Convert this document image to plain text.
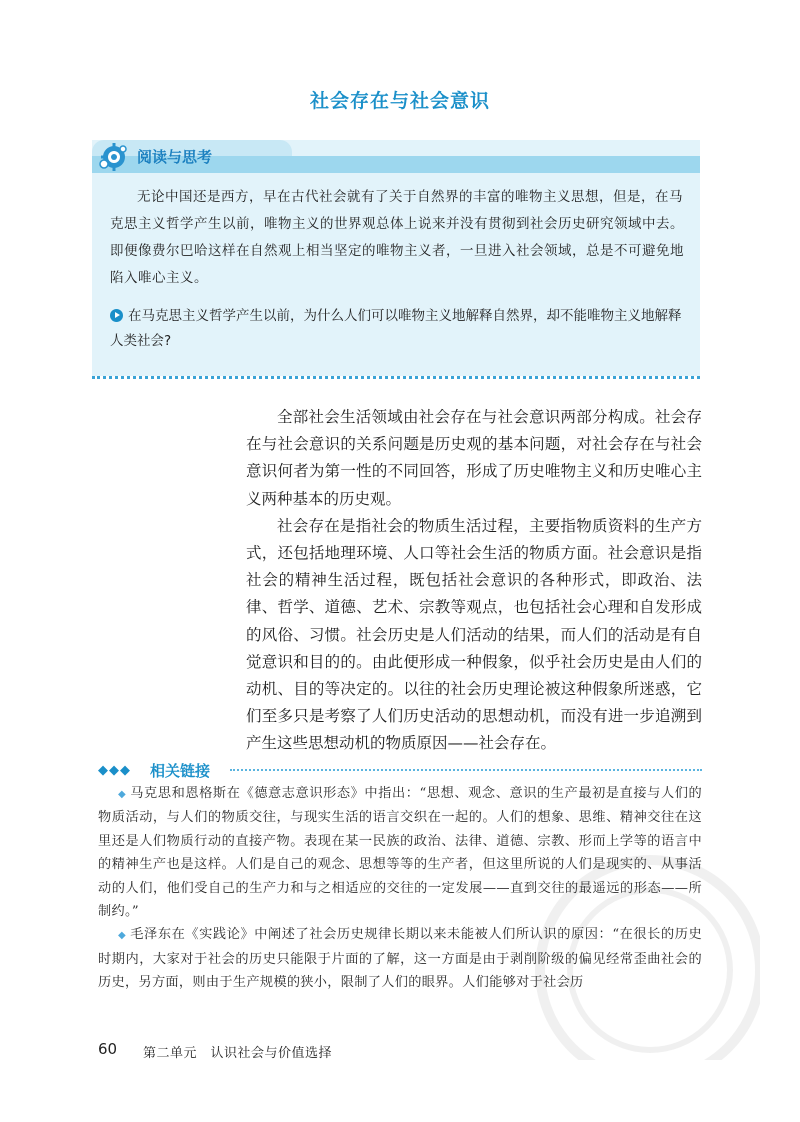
社会存在与社会意识
阅读与思考
无论中国还是西方，早在古代社会就有了关于自然界的丰富的唯物主义思想，但是，在马克思主义哲学产生以前，唯物主义的世界观总体上说来并没有贯彻到社会历史研究领域中去。即便像费尔巴哈这样在自然观上相当坚定的唯物主义者，一旦进入社会领域，总是不可避免地陷入唯心主义。
在马克思主义哲学产生以前，为什么人们可以唯物主义地解释自然界，却不能唯物主义地解释人类社会?

全部社会生活领域由社会存在与社会意识两部分构成。社会存在与社会意识的关系问题是历史观的基本问题，对社会存在与社会意识何者为第一性的不同回答，形成了历史唯物主义和历史唯心主义两种基本的历史观。

社会存在是指社会的物质生活过程，主要指物质资料的生产方式，还包括地理环境、人口等社会生活的物质方面。社会意识是指社会的精神生活过程，既包括社会意识的各种形式，即政治、法律、哲学、道德、艺术、宗教等观点，也包括社会心理和自发形成的风俗、习惯。社会历史是人们活动的结果，而人们的活动是有自觉意识和目的的。由此便形成一种假象，似乎社会历史是由人们的动机、目的等决定的。以往的社会历史理论被这种假象所迷惑，它们至多只是考察了人们历史活动的思想动机，而没有进一步追溯到产生这些思想动机的物质原因——社会存在。

◆◆◆ 相关链接

◆ 马克思和恩格斯在《德意志意识形态》中指出：“思想、观念、意识的生产最初是直接与人们的物质活动，与人们的物质交往，与现实生活的语言交织在一起的。人们的想象、思维、精神交往在这里还是人们物质行动的直接产物。表现在某一民族的政治、法律、道德、宗教、形而上学等的语言中的精神生产也是这样。人们是自己的观念、思想等等的生产者，但这里所说的人们是现实的、从事活动的人们，他们受自己的生产力和与之相适应的交往的一定发展——直到交往的最遥远的形态——所制约。”

◆ 毛泽东在《实践论》中阐述了社会历史规律长期以来未能被人们所认识的原因：“在很长的历史时期内，大家对于社会的历史只能限于片面的了解，这一方面是由于剥削阶级的偏见经常歪曲社会的历史，另方面，则由于生产规模的狭小，限制了人们的眼界。人们能够对于社会历

60 第二单元　认识社会与价值选择
